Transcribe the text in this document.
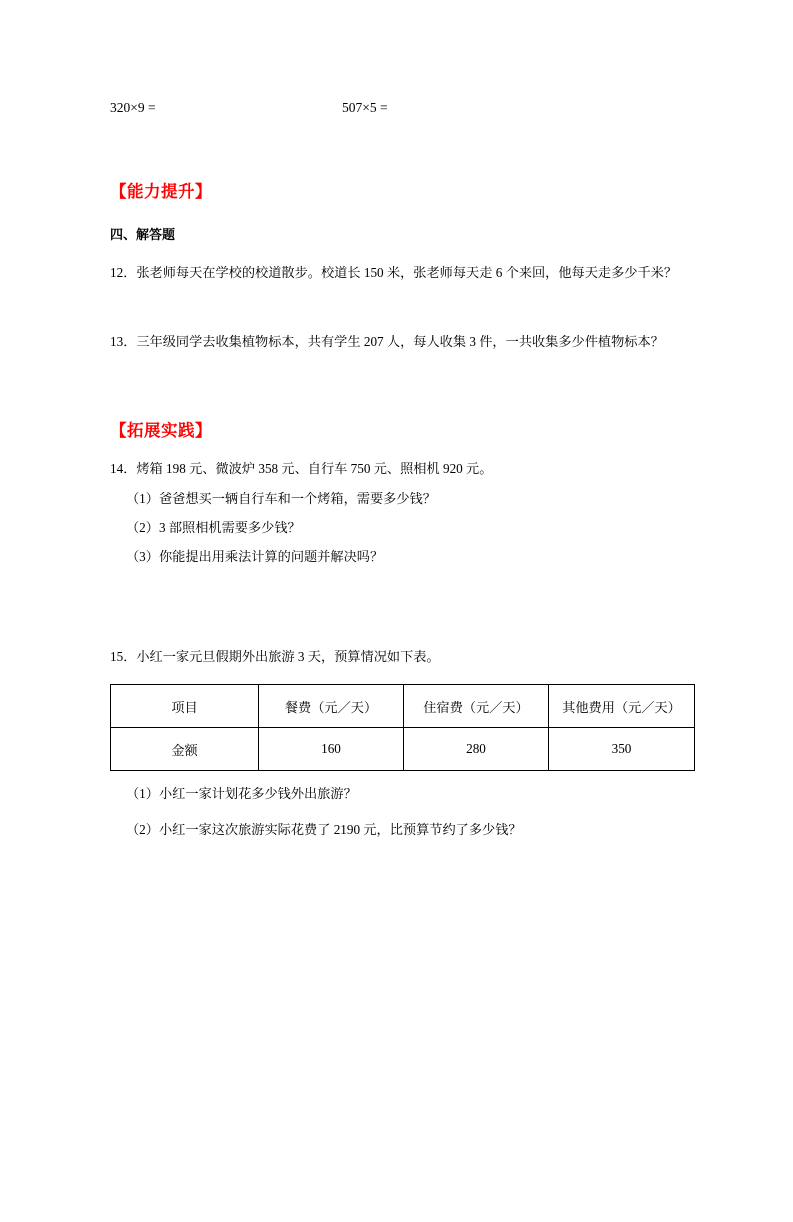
320×9 =	507×5 =
【能力提升】
四、解答题
12．张老师每天在学校的校道散步。校道长 150 米，张老师每天走 6 个来回，他每天走多少千米？
13．三年级同学去收集植物标本，共有学生 207 人，每人收集 3 件，一共收集多少件植物标本？
【拓展实践】
14．烤箱 198 元、微波炉 358 元、自行车 750 元、照相机 920 元。
（1）爸爸想买一辆自行车和一个烤箱，需要多少钱？
（2）3 部照相机需要多少钱？
（3）你能提出用乘法计算的问题并解决吗？
15．小红一家元旦假期外出旅游 3 天，预算情况如下表。
项目	餐费（元／天）	住宿费（元／天）	其他费用（元／天）
金额	160	280	350
（1）小红一家计划花多少钱外出旅游？
（2）小红一家这次旅游实际花费了 2190 元，比预算节约了多少钱？
